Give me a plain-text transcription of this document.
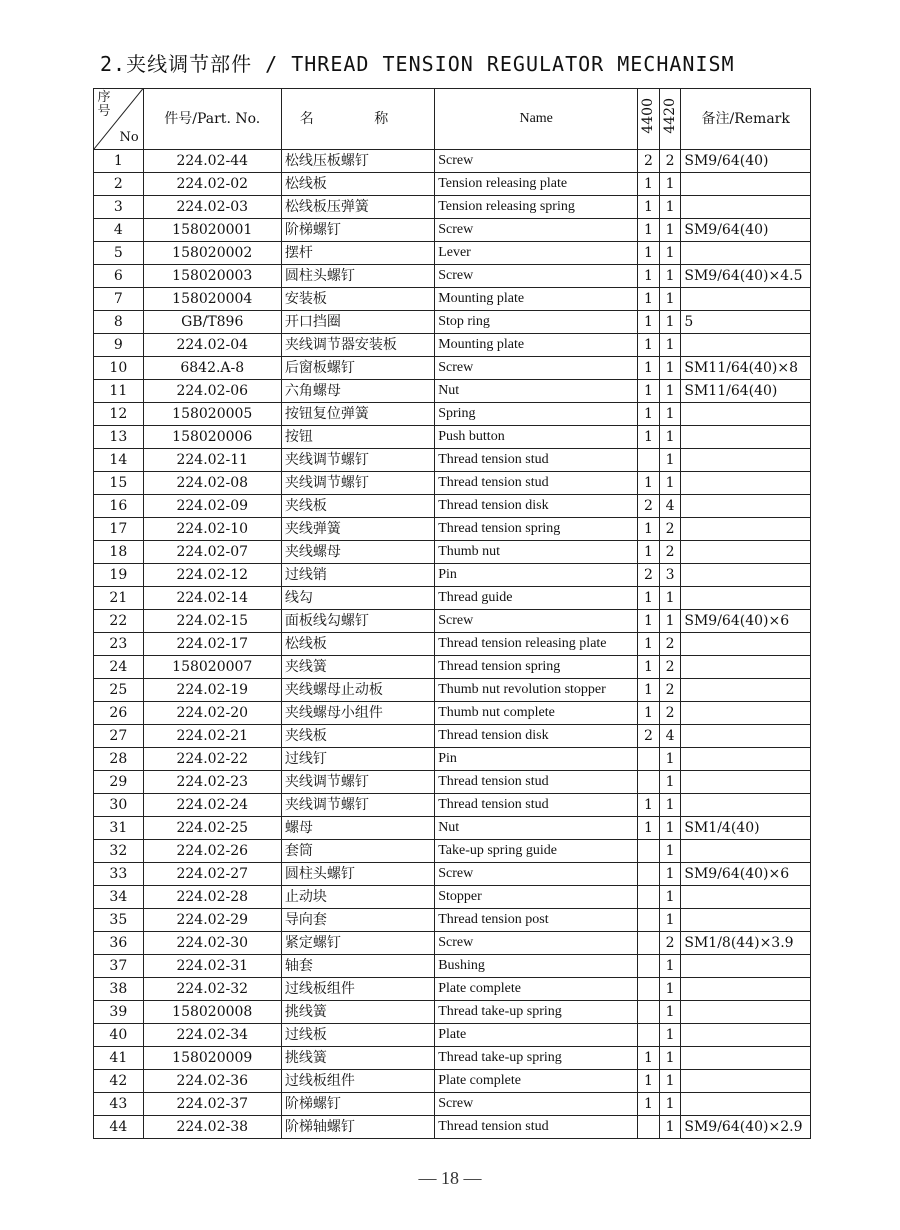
2.夹线调节部件 / THREAD TENSION REGULATOR MECHANISM
序号
No	件号/Part. No.	名 称	Name	4400	4420	备注/Remark
1	224.02-44	松线压板螺钉	Screw	2	2	SM9/64(40)
2	224.02-02	松线板	Tension releasing plate	1	1	
3	224.02-03	松线板压弹簧	Tension releasing spring	1	1	
4	158020001	阶梯螺钉	Screw	1	1	SM9/64(40)
5	158020002	摆杆	Lever	1	1	
6	158020003	圆柱头螺钉	Screw	1	1	SM9/64(40)×4.5
7	158020004	安装板	Mounting plate	1	1	
8	GB/T896	开口挡圈	Stop ring	1	1	5
9	224.02-04	夹线调节器安装板	Mounting plate	1	1	
10	6842.A-8	后窗板螺钉	Screw	1	1	SM11/64(40)×8
11	224.02-06	六角螺母	Nut	1	1	SM11/64(40)
12	158020005	按钮复位弹簧	Spring	1	1	
13	158020006	按钮	Push button	1	1	
14	224.02-11	夹线调节螺钉	Thread tension stud		1	
15	224.02-08	夹线调节螺钉	Thread tension stud	1	1	
16	224.02-09	夹线板	Thread tension disk	2	4	
17	224.02-10	夹线弹簧	Thread tension spring	1	2	
18	224.02-07	夹线螺母	Thumb nut	1	2	
19	224.02-12	过线销	Pin	2	3	
21	224.02-14	线勾	Thread guide	1	1	
22	224.02-15	面板线勾螺钉	Screw	1	1	SM9/64(40)×6
23	224.02-17	松线板	Thread tension releasing plate	1	2	
24	158020007	夹线簧	Thread tension spring	1	2	
25	224.02-19	夹线螺母止动板	Thumb nut revolution stopper	1	2	
26	224.02-20	夹线螺母小组件	Thumb nut complete	1	2	
27	224.02-21	夹线板	Thread tension disk	2	4	
28	224.02-22	过线钉	Pin		1	
29	224.02-23	夹线调节螺钉	Thread tension stud		1	
30	224.02-24	夹线调节螺钉	Thread tension stud	1	1	
31	224.02-25	螺母	Nut	1	1	SM1/4(40)
32	224.02-26	套筒	Take-up spring guide		1	
33	224.02-27	圆柱头螺钉	Screw		1	SM9/64(40)×6
34	224.02-28	止动块	Stopper		1	
35	224.02-29	导向套	Thread tension post		1	
36	224.02-30	紧定螺钉	Screw		2	SM1/8(44)×3.9
37	224.02-31	轴套	Bushing		1	
38	224.02-32	过线板组件	Plate complete		1	
39	158020008	挑线簧	Thread take-up spring		1	
40	224.02-34	过线板	Plate		1	
41	158020009	挑线簧	Thread take-up spring	1	1	
42	224.02-36	过线板组件	Plate complete	1	1	
43	224.02-37	阶梯螺钉	Screw	1	1	
44	224.02-38	阶梯轴螺钉	Thread tension stud		1	SM9/64(40)×2.9
— 18 —
